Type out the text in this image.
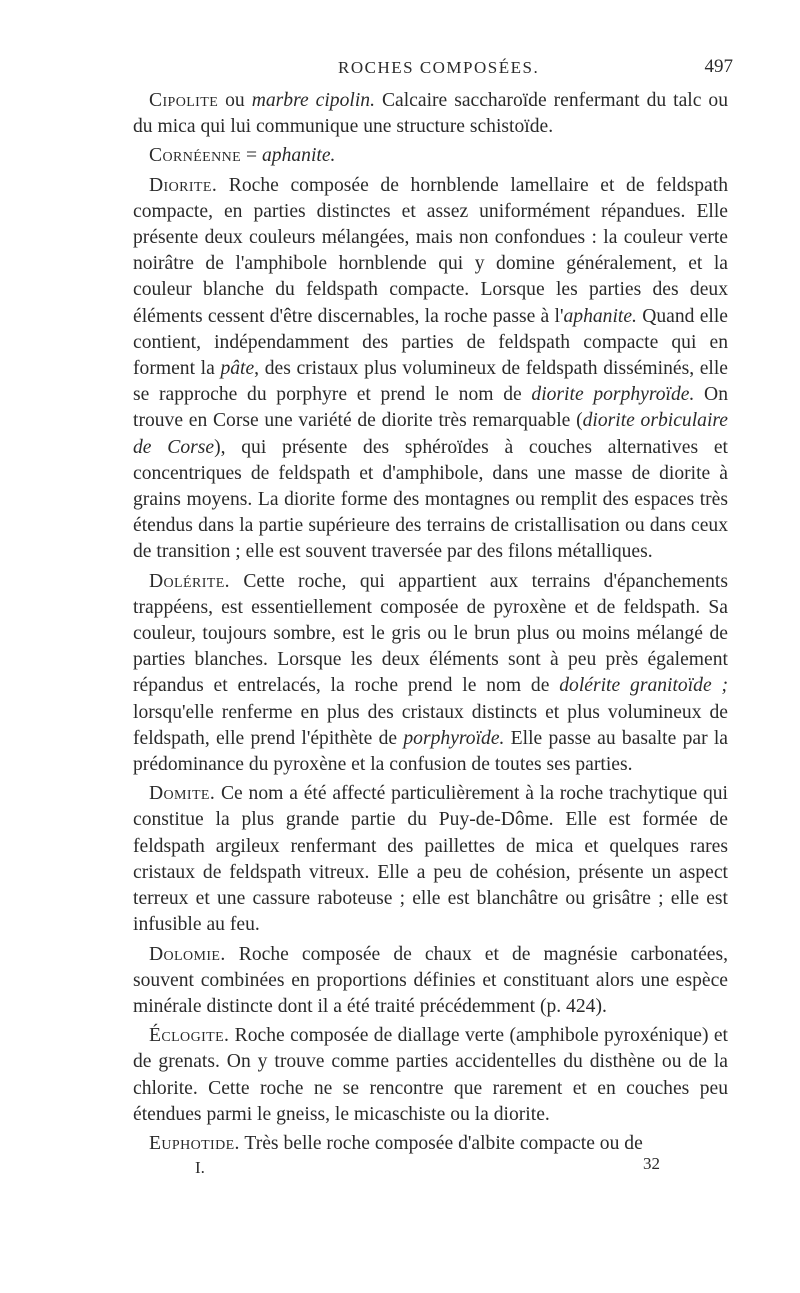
ROCHES COMPOSÉES.	497

Cipolite ou marbre cipolin. Calcaire saccharoïde renfermant du talc ou du mica qui lui communique une structure schistoïde.

Cornéenne = aphanite.

Diorite. Roche composée de hornblende lamellaire et de feldspath compacte, en parties distinctes et assez uniformément répandues. Elle présente deux couleurs mélangées, mais non confondues : la couleur verte noirâtre de l'amphibole hornblende qui y domine généralement, et la couleur blanche du feldspath compacte. Lorsque les parties des deux éléments cessent d'être discernables, la roche passe à l'aphanite. Quand elle contient, indépendamment des parties de feldspath compacte qui en forment la pâte, des cristaux plus volumineux de feldspath disséminés, elle se rapproche du porphyre et prend le nom de diorite porphyroïde. On trouve en Corse une variété de diorite très remarquable (diorite orbiculaire de Corse), qui présente des sphéroïdes à couches alternatives et concentriques de feldspath et d'amphibole, dans une masse de diorite à grains moyens. La diorite forme des montagnes ou remplit des espaces très étendus dans la partie supérieure des terrains de cristallisation ou dans ceux de transition ; elle est souvent traversée par des filons métalliques.

Dolérite. Cette roche, qui appartient aux terrains d'épanchements trappéens, est essentiellement composée de pyroxène et de feldspath. Sa couleur, toujours sombre, est le gris ou le brun plus ou moins mélangé de parties blanches. Lorsque les deux éléments sont à peu près également répandus et entrelacés, la roche prend le nom de dolérite granitoïde ; lorsqu'elle renferme en plus des cristaux distincts et plus volumineux de feldspath, elle prend l'épithète de porphyroïde. Elle passe au basalte par la prédominance du pyroxène et la confusion de toutes ses parties.

Domite. Ce nom a été affecté particulièrement à la roche trachytique qui constitue la plus grande partie du Puy-de-Dôme. Elle est formée de feldspath argileux renfermant des paillettes de mica et quelques rares cristaux de feldspath vitreux. Elle a peu de cohésion, présente un aspect terreux et une cassure raboteuse ; elle est blanchâtre ou grisâtre ; elle est infusible au feu.

Dolomie. Roche composée de chaux et de magnésie carbonatées, souvent combinées en proportions définies et constituant alors une espèce minérale distincte dont il a été traité précédemment (p. 424).

Éclogite. Roche composée de diallage verte (amphibole pyroxénique) et de grenats. On y trouve comme parties accidentelles du disthène ou de la chlorite. Cette roche ne se rencontre que rarement et en couches peu étendues parmi le gneiss, le micaschiste ou la diorite.

Euphotide. Très belle roche composée d'albite compacte ou de

I.	32
